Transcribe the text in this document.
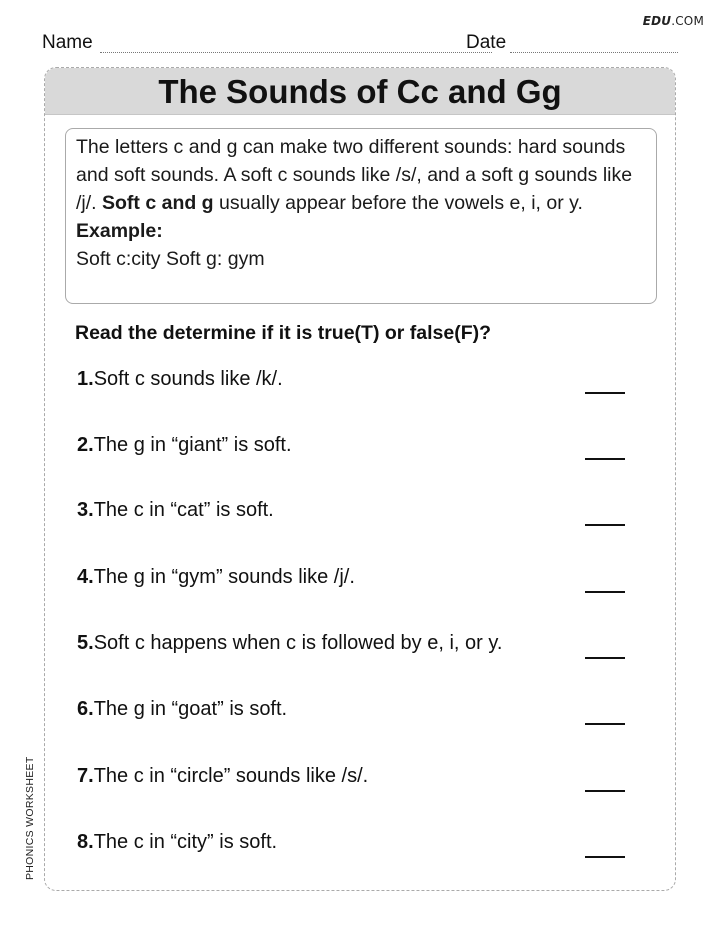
EDU.COM
Name	Date
The Sounds of Cc and Gg

The letters c and g can make two different sounds: hard sounds and soft sounds. A soft c sounds like /s/, and a soft g sounds like /j/. Soft c and g usually appear before the vowels e, i, or y.

Example:

Soft c:city Soft g: gym

Read the determine if it is true(T) or false(F)?
1.Soft c sounds like /k/.
2.The g in “giant” is soft.
3.The c in “cat” is soft.
4.The g in “gym” sounds like /j/.
5.Soft c happens when c is followed by e, i, or y.
6.The g in “goat” is soft.
7.The c in “circle” sounds like /s/.
8.The c in “city” is soft.
PHONICS WORKSHEET
